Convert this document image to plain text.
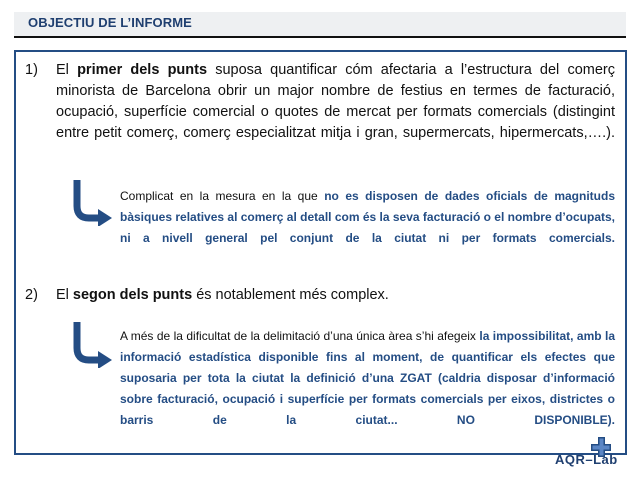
OBJECTIU DE L’INFORME
1) El primer dels punts suposa quantificar cóm afectaria a l’estructura del comerç minorista de Barcelona obrir un major nombre de festius en termes de facturació, ocupació, superfície comercial o quotes de mercat per formats comercials (distingint entre petit comerç, comerç especialitzat mitja i gran, supermercats, hipermercats,….).
Complicat en la mesura en la que no es disposen de dades oficials de magnituds bàsiques relatives al comerç al detall com és la seva facturació o el nombre d’ocupats, ni a nivell general pel conjunt de la ciutat ni per formats comercials.
2) El segon dels punts és notablement més complex.
A més de la dificultat de la delimitació d’una única àrea s’hi afegeix la impossibilitat, amb la informació estadística disponible fins al moment, de quantificar els efectes que suposaria per tota la ciutat la definició d’una ZGAT (caldria disposar d’informació sobre facturació, ocupació i superfície per formats comercials per eixos, districtes o barris de la ciutat... NO DISPONIBLE).
AQR–Lab
